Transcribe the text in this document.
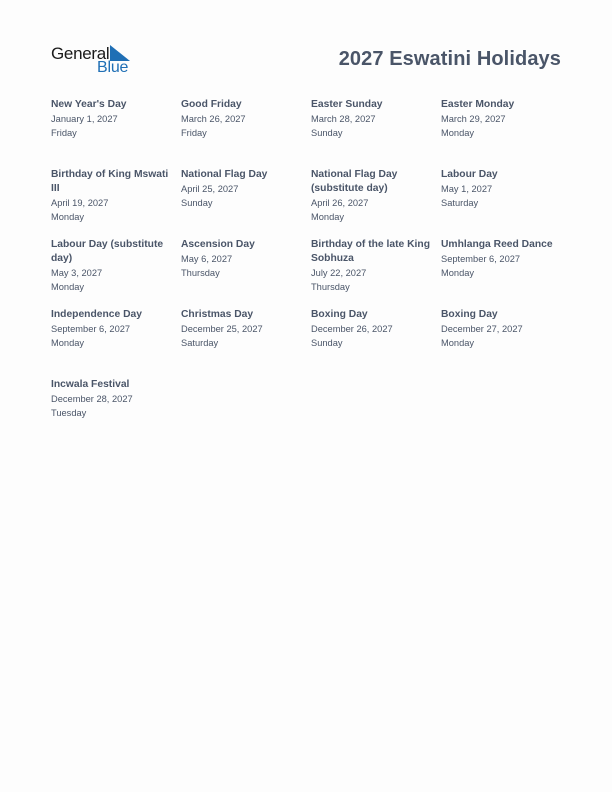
General
Blue	2027 Eswatini Holidays
New Year's Day
January 1, 2027
Friday
Good Friday
March 26, 2027
Friday
Easter Sunday
March 28, 2027
Sunday
Easter Monday
March 29, 2027
Monday
Birthday of King Mswati III
April 19, 2027
Monday
National Flag Day
April 25, 2027
Sunday
National Flag Day (substitute day)
April 26, 2027
Monday
Labour Day
May 1, 2027
Saturday
Labour Day (substitute day)
May 3, 2027
Monday
Ascension Day
May 6, 2027
Thursday
Birthday of the late King Sobhuza
July 22, 2027
Thursday
Umhlanga Reed Dance
September 6, 2027
Monday
Independence Day
September 6, 2027
Monday
Christmas Day
December 25, 2027
Saturday
Boxing Day
December 26, 2027
Sunday
Boxing Day
December 27, 2027
Monday
Incwala Festival
December 28, 2027
Tuesday
